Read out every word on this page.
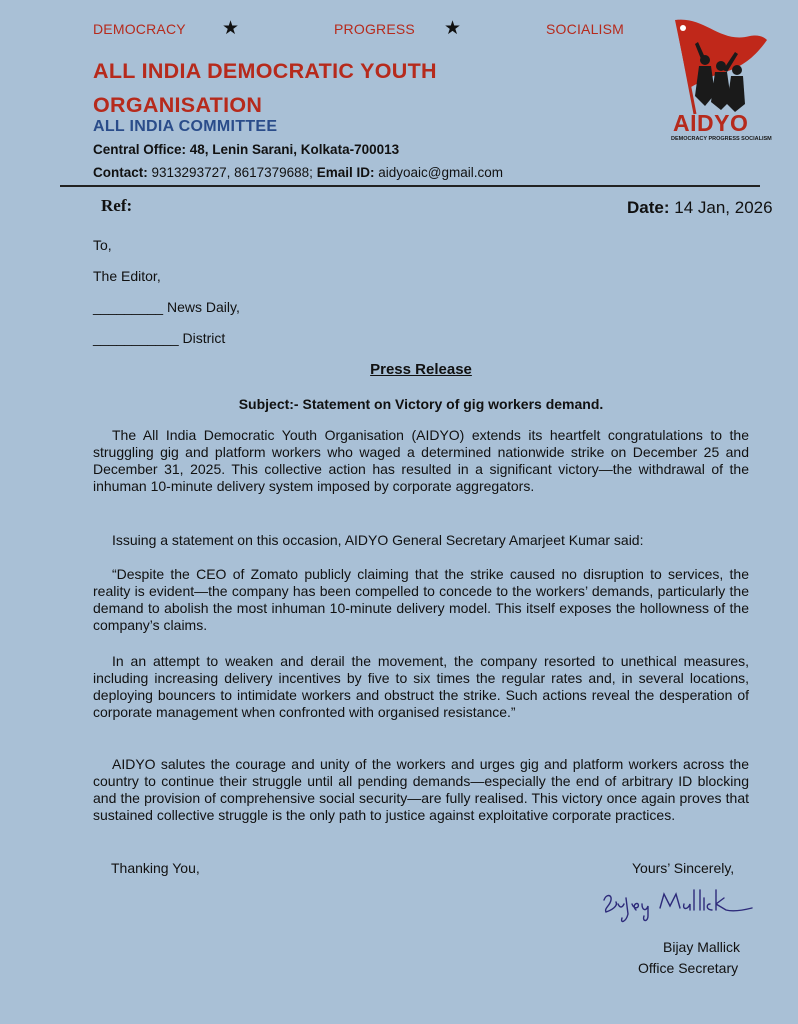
DEMOCRACY ★	PROGRESS ★	SOCIALISM
ALL INDIA DEMOCRATIC YOUTH
ORGANISATION
ALL INDIA COMMITTEE
Central Office: 48, Lenin Sarani, Kolkata-700013
Contact: 9313293727, 8617379688; Email ID: aidyoaic@gmail.com
AIDYO
DEMOCRACY PROGRESS SOCIALISM
Ref:	Date: 14 Jan, 2026
To,
The Editor,
_________ News Daily,
___________ District
Press Release
Subject:- Statement on Victory of gig workers demand.

The All India Democratic Youth Organisation (AIDYO) extends its heartfelt congratulations to the struggling gig and platform workers who waged a determined nationwide strike on December 25 and December 31, 2025. This collective action has resulted in a significant victory—the withdrawal of the inhuman 10-minute delivery system imposed by corporate aggregators.

Issuing a statement on this occasion, AIDYO General Secretary Amarjeet Kumar said:

“Despite the CEO of Zomato publicly claiming that the strike caused no disruption to services, the reality is evident—the company has been compelled to concede to the workers’ demands, particularly the demand to abolish the most inhuman 10-minute delivery model. This itself exposes the hollowness of the company’s claims.

In an attempt to weaken and derail the movement, the company resorted to unethical measures, including increasing delivery incentives by five to six times the regular rates and, in several locations, deploying bouncers to intimidate workers and obstruct the strike. Such actions reveal the desperation of corporate management when confronted with organised resistance.”

AIDYO salutes the courage and unity of the workers and urges gig and platform workers across the country to continue their struggle until all pending demands—especially the end of arbitrary ID blocking and the provision of comprehensive social security—are fully realised. This victory once again proves that sustained collective struggle is the only path to justice against exploitative corporate practices.

Thanking You,	Yours’ Sincerely,
Bijay Mallick
Office Secretary
